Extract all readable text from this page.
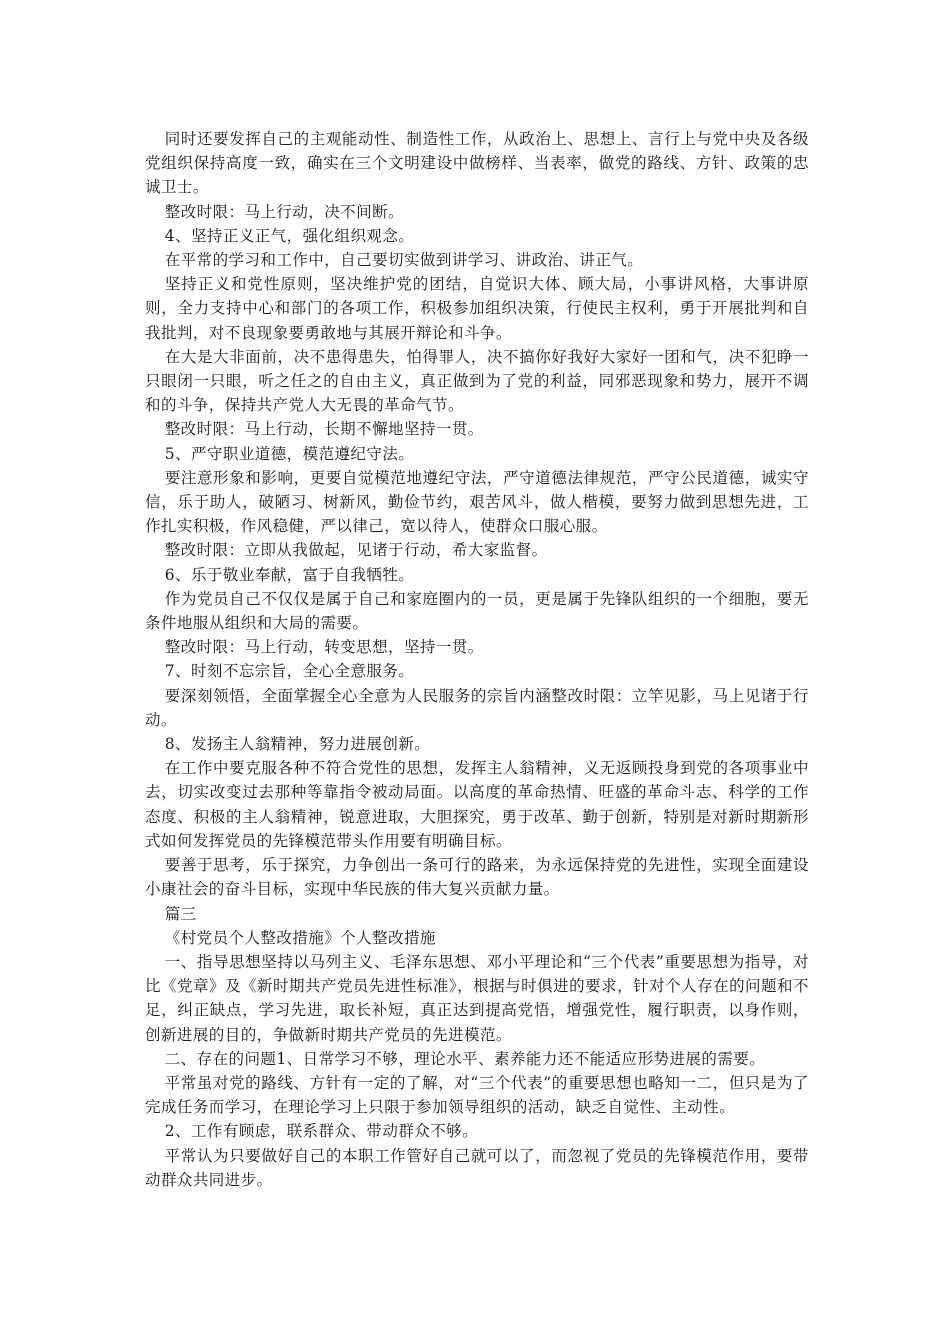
同时还要发挥自己的主观能动性、制造性工作，从政治上、思想上、言行上与党中央及各级党组织保持高度一致，确实在三个文明建设中做榜样、当表率，做党的路线、方针、政策的忠诚卫士。

整改时限：马上行动，决不间断。

4、坚持正义正气，强化组织观念。

在平常的学习和工作中，自己要切实做到讲学习、讲政治、讲正气。

坚持正义和党性原则，坚决维护党的团结，自觉识大体、顾大局，小事讲风格，大事讲原则，全力支持中心和部门的各项工作，积极参加组织决策，行使民主权利，勇于开展批判和自我批判，对不良现象要勇敢地与其展开辩论和斗争。

在大是大非面前，决不患得患失，怕得罪人，决不搞你好我好大家好一团和气，决不犯睁一只眼闭一只眼，听之任之的自由主义，真正做到为了党的利益，同邪恶现象和势力，展开不调和的斗争，保持共产党人大无畏的革命气节。

整改时限：马上行动，长期不懈地坚持一贯。

5、严守职业道德，模范遵纪守法。

要注意形象和影响，更要自觉模范地遵纪守法，严守道德法律规范，严守公民道德，诚实守信，乐于助人，破陋习、树新风，勤俭节约，艰苦风斗，做人楷模，要努力做到思想先进，工作扎实积极，作风稳健，严以律己，宽以待人，使群众口服心服。

整改时限：立即从我做起，见诸于行动，希大家监督。

6、乐于敬业奉献，富于自我牺牲。

作为党员自己不仅仅是属于自己和家庭圈内的一员，更是属于先锋队组织的一个细胞，要无条件地服从组织和大局的需要。

整改时限：马上行动，转变思想，坚持一贯。

7、时刻不忘宗旨，全心全意服务。

要深刻领悟，全面掌握全心全意为人民服务的宗旨内涵整改时限：立竿见影，马上见诸于行动。

8、发扬主人翁精神，努力进展创新。

在工作中要克服各种不符合党性的思想，发挥主人翁精神，义无返顾投身到党的各项事业中去，切实改变过去那种等靠指令被动局面。以高度的革命热情、旺盛的革命斗志、科学的工作态度、积极的主人翁精神，锐意进取，大胆探究，勇于改革、勤于创新，特别是对新时期新形式如何发挥党员的先锋模范带头作用要有明确目标。

要善于思考，乐于探究，力争创出一条可行的路来，为永远保持党的先进性，实现全面建设小康社会的奋斗目标，实现中华民族的伟大复兴贡献力量。

篇三

《村党员个人整改措施》个人整改措施

一、指导思想坚持以马列主义、毛泽东思想、邓小平理论和“三个代表”重要思想为指导，对比《党章》及《新时期共产党员先进性标准》，根据与时俱进的要求，针对个人存在的问题和不足，纠正缺点，学习先进，取长补短，真正达到提高党悟，增强党性，履行职责，以身作则，创新进展的目的，争做新时期共产党员的先进模范。

二、存在的问题1、日常学习不够，理论水平、素养能力还不能适应形势进展的需要。

平常虽对党的路线、方针有一定的了解，对“三个代表”的重要思想也略知一二，但只是为了完成任务而学习，在理论学习上只限于参加领导组织的活动，缺乏自觉性、主动性。

2、工作有顾虑，联系群众、带动群众不够。

平常认为只要做好自己的本职工作管好自己就可以了，而忽视了党员的先锋模范作用，要带动群众共同进步。
